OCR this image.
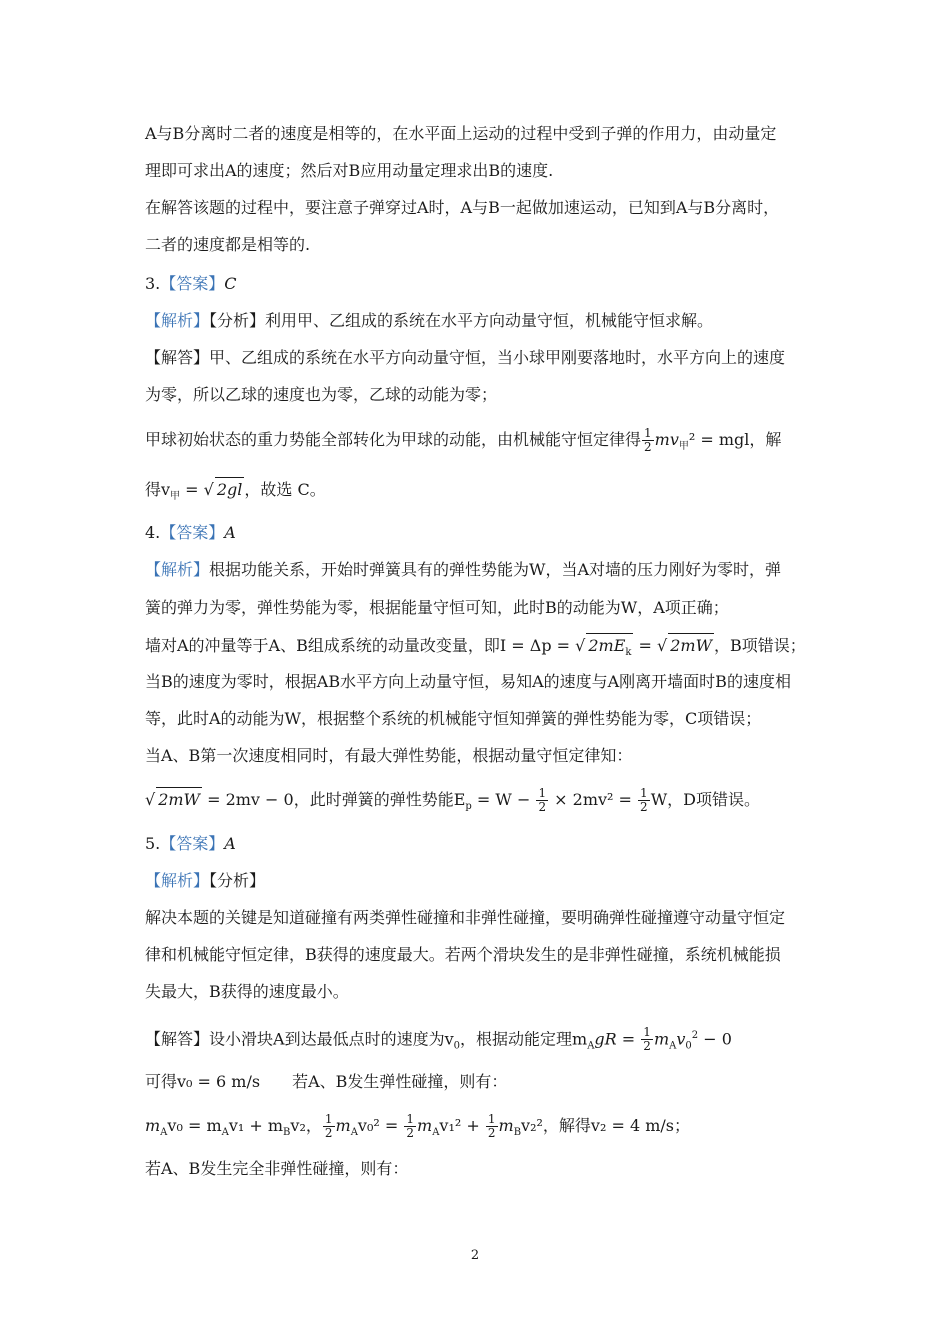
A与B分离时二者的速度是相等的，在水平面上运动的过程中受到子弹的作用力，由动量定
理即可求出A的速度；然后对B应用动量定理求出B的速度.
在解答该题的过程中，要注意子弹穿过A时，A与B一起做加速运动，已知到A与B分离时，
二者的速度都是相等的.
3.【答案】C
【解析】【分析】利用甲、乙组成的系统在水平方向动量守恒，机械能守恒求解。
【解答】甲、乙组成的系统在水平方向动量守恒，当小球甲刚要落地时，水平方向上的速度
为零，所以乙球的速度也为零，乙球的动能为零；
甲球初始状态的重力势能全部转化为甲球的动能，由机械能守恒定律得 $\frac{1}{2} mv_甲^2$ = mgl，解
得$v_甲$ = √ 2gl ，故选 C。
4.【答案】A
【解析】根据功能关系，开始时弹簧具有的弹性势能为W，当A对墙的压力刚好为零时，弹
簧的弹力为零，弹性势能为零，根据能量守恒可知，此时B的动能为W，A项正确；
墙对A的冲量等于A、B组成系统的动量改变量，即I = Δp = √ $2mE_k$ = √ 2mW ，B项错误；
当B的速度为零时，根据AB水平方向上动量守恒，易知A的速度与A刚离开墙面时B的速度相
等，此时A的动能为W，根据整个系统的机械能守恒知弹簧的弹性势能为零，C项错误；
当A、B第一次速度相同时，有最大弹性势能，根据动量守恒定律知：
√ 2mW = 2mv − 0，此时弹簧的弹性势能$E_p = W - \frac{1}{2} \times 2mv^2 = \frac{1}{2}$ W，D项错误。
5.【答案】A
【解析】【分析】
解决本题的关键是知道碰撞有两类弹性碰撞和非弹性碰撞，要明确弹性碰撞遵守动量守恒定
律和机械能守恒定律，B获得的速度最大。若两个滑块发生的是非弹性碰撞，系统机械能损
失最大，B获得的速度最小。
【解答】设小滑块A到达最低点时的速度为$v_0$，根据动能定理$m_AgR = \frac{1}{2} m_Av_0^2 - 0$
可得v₀ = 6 m/s　　若A、B发生弹性碰撞，则有：
$m_Av_0 = m_Av_1 + m_Bv_2$， $\frac{1}{2} m_Av_0^2 = \frac{1}{2} m_Av_1^2 + \frac{1}{2} m_Bv_2^2$，解得v₂ = 4 m/s；
若A、B发生完全非弹性碰撞，则有：
2
